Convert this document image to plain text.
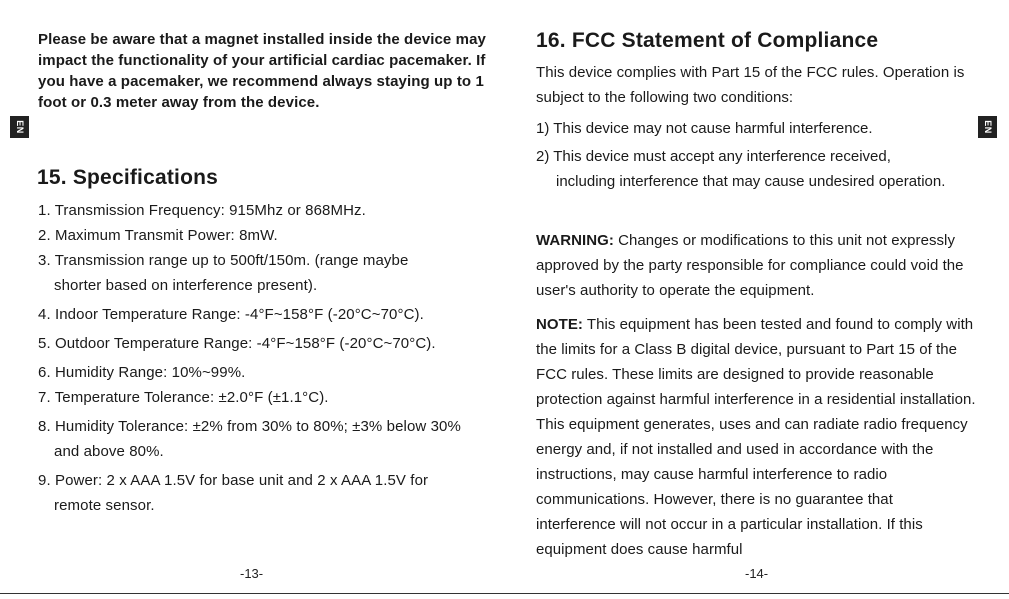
EN

Please be aware that a magnet installed inside the device may impact the functionality of your artificial cardiac pacemaker. If you have a pacemaker, we recommend always staying up to 1 foot or 0.3 meter away from the device.

15. Specifications
1. Transmission Frequency: 915Mhz or 868MHz.
2. Maximum Transmit Power: 8mW.
3. Transmission range up to 500ft/150m. (range maybe
shorter based on interference present).
4. Indoor Temperature Range: -4°F~158°F (-20°C~70°C).
5. Outdoor Temperature Range: -4°F~158°F (-20°C~70°C).
6. Humidity Range: 10%~99%.
7. Temperature Tolerance: ±2.0°F (±1.1°C).
8. Humidity Tolerance: ±2% from 30% to 80%; ±3% below 30%
and above 80%.
9. Power: 2 x AAA 1.5V for base unit and 2 x AAA 1.5V for
remote sensor.
-13-
EN
16. FCC Statement of Compliance

This device complies with Part 15 of the FCC rules. Operation is subject to the following two conditions:

1) This device may not cause harmful interference.
2) This device must accept any interference received,
including interference that may cause undesired operation.

WARNING: Changes or modifications to this unit not expressly approved by the party responsible for compliance could void the user's authority to operate the equipment.

NOTE: This equipment has been tested and found to comply with the limits for a Class B digital device, pursuant to Part 15 of the FCC rules. These limits are designed to provide reasonable protection against harmful interference in a residential installation. This equipment generates, uses and can radiate radio frequency energy and, if not installed and used in accordance with the instructions, may cause harmful interference to radio communications. However, there is no guarantee that interference will not occur in a particular installation. If this equipment does cause harmful

-14-
